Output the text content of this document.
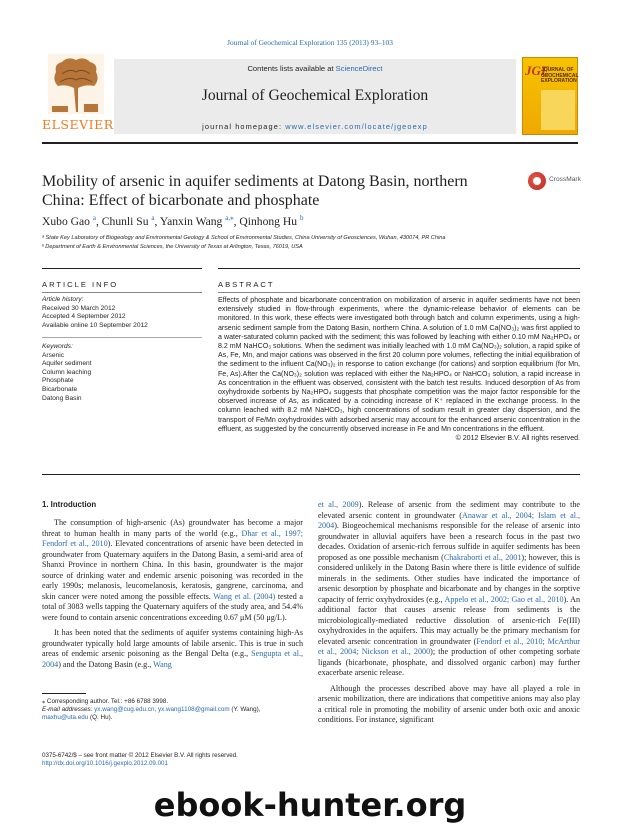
Journal of Geochemical Exploration 135 (2013) 93–103
ELSEVIER
Contents lists available at ScienceDirect
Journal of Geochemical Exploration
journal homepage: www.elsevier.com/locate/jgeoexp
JGE
JOURNAL OF GEOCHEMICAL EXPLORATION
Mobility of arsenic in aquifer sediments at Datong Basin, northern China: Effect of bicarbonate and phosphate
CrossMark
Xubo Gao $^a$, Chunli Su $^a$, Yanxin Wang $^{a,⁎}$, Qinhong Hu $^b$
ᵃ State Key Laboratory of Biogeology and Environmental Geology & School of Environmental Studies, China University of Geosciences, Wuhan, 430074, PR China
ᵇ Department of Earth & Environmental Sciences, the University of Texas at Arlington, Texas, 76019, USA
ARTICLE INFO	ABSTRACT
Article history:
Received 30 March 2012
Accepted 4 September 2012
Available online 10 September 2012
Keywords:
Arsenic
Aquifer sediment
Column leaching
Phosphate
Bicarbonate
Datong Basin
Effects of phosphate and bicarbonate concentration on mobilization of arsenic in aquifer sediments have not been extensively studied in flow-through experiments, where the dynamic-release behavior of elements can be monitored. In this work, these effects were investigated both through batch and column experiments, using a high-arsenic sediment sample from the Datong Basin, northern China. A solution of 1.0 mM Ca(NO₃)₂ was first applied to a water-saturated column packed with the sediment; this was followed by leaching with either 0.10 mM Na₂HPO₄ or 8.2 mM NaHCO₃ solutions. When the sediment was initially leached with 1.0 mM Ca(NO₃)₂ solution, a rapid spike of As, Fe, Mn, and major cations was observed in the first 20 column pore volumes, reflecting the initial equilibration of the sediment to the influent Ca(NO₃)₂ in response to cation exchange (for cations) and sorption equilibrium (for Mn, Fe, As).After the Ca(NO₃)₂ solution was replaced with either the Na₂HPO₄ or NaHCO₃ solution, a rapid increase in As concentration in the effluent was observed, consistent with the batch test results. Induced desorption of As from oxyhydroxide sorbents by Na₂HPO₄ suggests that phosphate competition was the major factor responsible for the observed increase of As, as indicated by a coinciding increase of K⁺ replaced in the exchange process. In the column leached with 8.2 mM NaHCO₃, high concentrations of sodium result in greater clay dispersion, and the transport of Fe/Mn oxyhydroxides with adsorbed arsenic may account for the enhanced arsenic concentration in the effluent, as suggested by the concurrently observed increase in Fe and Mn concentrations in the effluent.
© 2012 Elsevier B.V. All rights reserved.
1. Introduction

The consumption of high-arsenic (As) groundwater has become a major threat to human health in many parts of the world (e.g., Dhar et al., 1997; Fendorf et al., 2010). Elevated concentrations of arsenic have been detected in groundwater from Quaternary aquifers in the Datong Basin, a semi-arid area of Shanxi Province in northern China. In this basin, groundwater is the major source of drinking water and endemic arsenic poisoning was recorded in the early 1990s; melanosis, leucomelanosis, keratosis, gangrene, carcinoma, and skin cancer were noted among the possible effects. Wang et al. (2004) tested a total of 3083 wells tapping the Quaternary aquifers of the study area, and 54.4% were found to contain arsenic concentrations exceeding 0.67 μM (50 μg/L).

It has been noted that the sediments of aquifer systems containing high-As groundwater typically hold large amounts of labile arsenic. This is true in such areas of endemic arsenic poisoning as the Bengal Delta (e.g., Sengupta et al., 2004) and the Datong Basin (e.g., Wang

et al., 2009). Release of arsenic from the sediment may contribute to the elevated arsenic content in groundwater (Anawar et al., 2004; Islam et al., 2004). Biogeochemical mechanisms responsible for the release of arsenic into groundwater in alluvial aquifers have been a research focus in the past two decades. Oxidation of arsenic-rich ferrous sulfide in aquifer sediments has been proposed as one possible mechanism (Chakraborti et al., 2001); however, this is considered unlikely in the Datong Basin where there is little evidence of sulfide minerals in the sediments. Other studies have indicated the importance of arsenic desorption by phosphate and bicarbonate and by changes in the sorptive capacity of ferric oxyhydroxides (e.g., Appelo et al., 2002; Gao et al., 2010). An additional factor that causes arsenic release from sediments is the microbiologically-mediated reductive dissolution of arsenic-rich Fe(III) oxyhydroxides in the aquifers. This may actually be the primary mechanism for elevated arsenic concentration in groundwater (Fendorf et al., 2010; McArthur et al., 2004; Nickson et al., 2000); the production of other competing sorbate ligands (bicarbonate, phosphate, and dissolved organic carbon) may further exacerbate arsenic release.

Although the processes described above may have all played a role in arsenic mobilization, there are indications that competitive anions may also play a critical role in promoting the mobility of arsenic under both oxic and anoxic conditions. For instance, significant

⁎ Corresponding author. Tel.: +86 6788 3998.
E-mail addresses: yx.wang@cug.edu.cn, yx.wang1108@gmail.com (Y. Wang),
maxhu@uta.edu (Q. Hu).
0375-6742/$ – see front matter © 2012 Elsevier B.V. All rights reserved.
http://dx.doi.org/10.1016/j.gexplo.2012.09.001
ebook-hunter.org
